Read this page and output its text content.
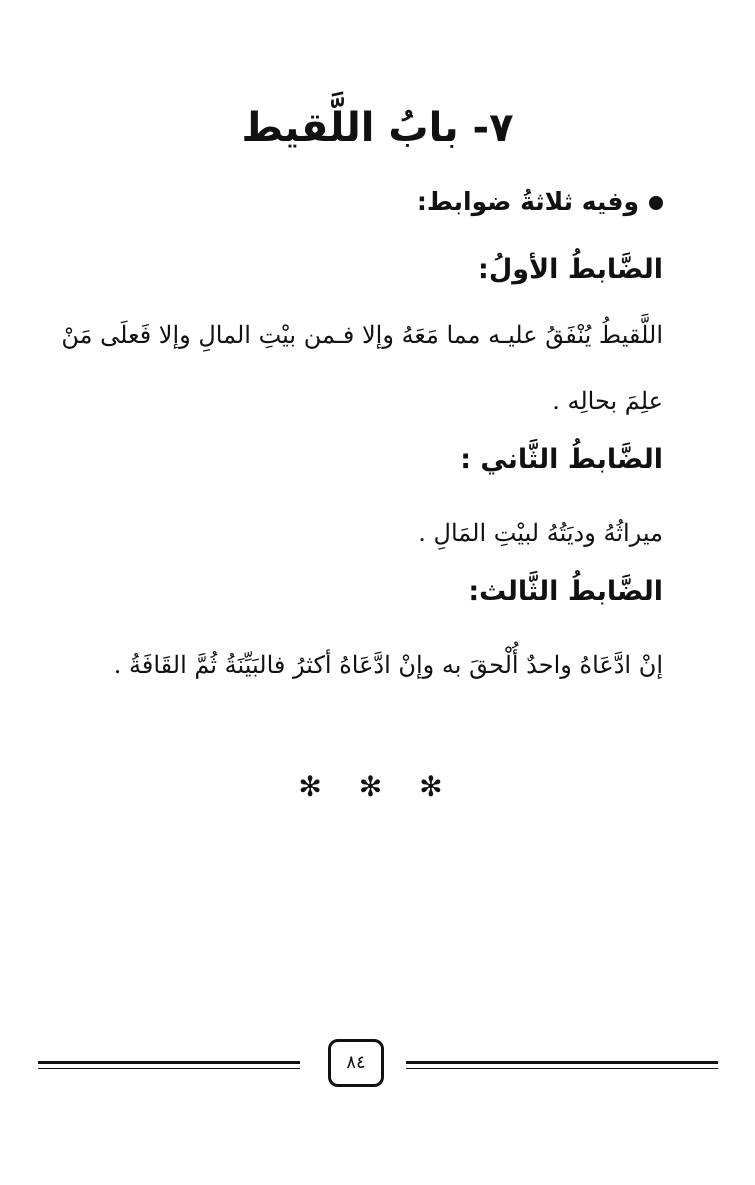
٧- بابُ اللَّقيط
وفيه ثلاثةُ ضوابط:
الضَّابطُ الأولُ:

اللَّقيطُ يُنْفَقُ عليـه مما مَعَهُ وإلا فـمن بيْتِ المالِ وإلا فَعلَى مَنْ

علِمَ بحالِه .

الضَّابطُ الثَّاني :

ميراثُهُ وديَتُهُ لبيْتِ المَالِ .

الضَّابطُ الثَّالث:

إنْ ادَّعَاهُ واحدٌ أُلْحقَ به وإنْ ادَّعَاهُ أكثرُ فالبَيِّنَةُ ثُمَّ القَافَةُ .

✻ ✻ ✻
٨٤
